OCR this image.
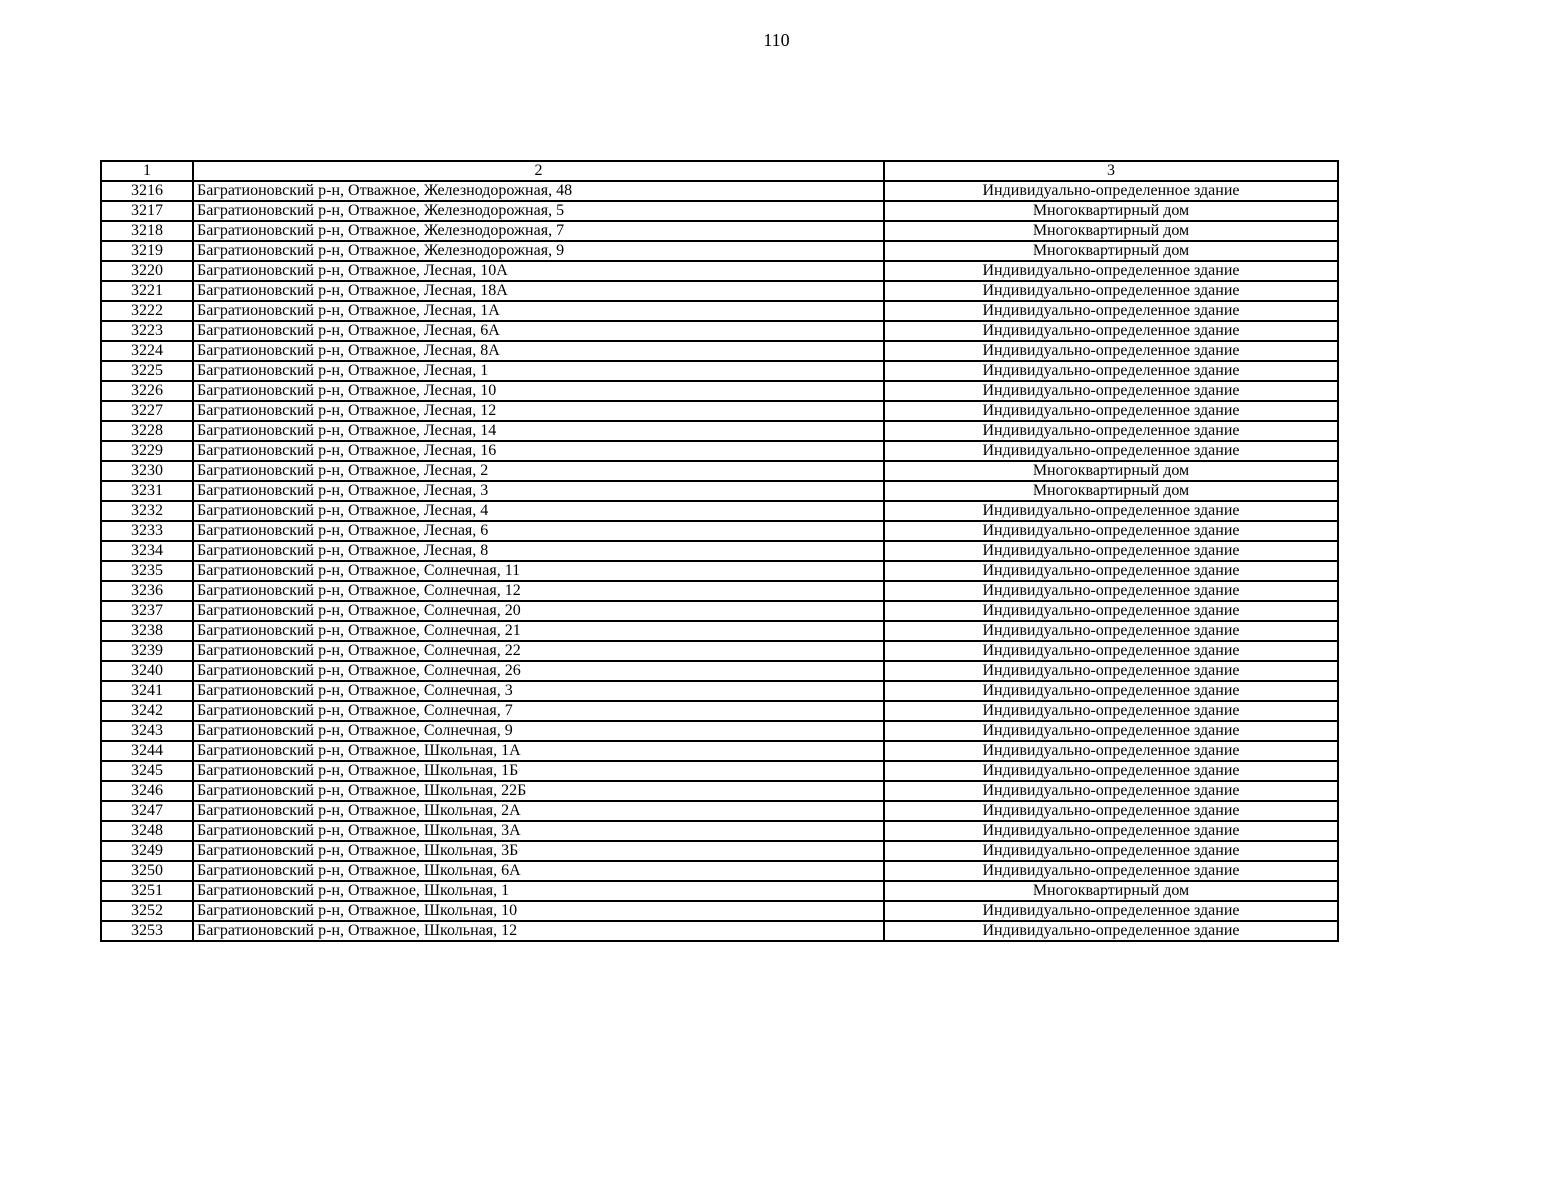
110
1	2	3
3216	Багратионовский р-н, Отважное, Железнодорожная, 48	Индивидуально-определенное здание
3217	Багратионовский р-н, Отважное, Железнодорожная, 5	Многоквартирный дом
3218	Багратионовский р-н, Отважное, Железнодорожная, 7	Многоквартирный дом
3219	Багратионовский р-н, Отважное, Железнодорожная, 9	Многоквартирный дом
3220	Багратионовский р-н, Отважное, Лесная, 10А	Индивидуально-определенное здание
3221	Багратионовский р-н, Отважное, Лесная, 18А	Индивидуально-определенное здание
3222	Багратионовский р-н, Отважное, Лесная, 1А	Индивидуально-определенное здание
3223	Багратионовский р-н, Отважное, Лесная, 6А	Индивидуально-определенное здание
3224	Багратионовский р-н, Отважное, Лесная, 8А	Индивидуально-определенное здание
3225	Багратионовский р-н, Отважное, Лесная, 1	Индивидуально-определенное здание
3226	Багратионовский р-н, Отважное, Лесная, 10	Индивидуально-определенное здание
3227	Багратионовский р-н, Отважное, Лесная, 12	Индивидуально-определенное здание
3228	Багратионовский р-н, Отважное, Лесная, 14	Индивидуально-определенное здание
3229	Багратионовский р-н, Отважное, Лесная, 16	Индивидуально-определенное здание
3230	Багратионовский р-н, Отважное, Лесная, 2	Многоквартирный дом
3231	Багратионовский р-н, Отважное, Лесная, 3	Многоквартирный дом
3232	Багратионовский р-н, Отважное, Лесная, 4	Индивидуально-определенное здание
3233	Багратионовский р-н, Отважное, Лесная, 6	Индивидуально-определенное здание
3234	Багратионовский р-н, Отважное, Лесная, 8	Индивидуально-определенное здание
3235	Багратионовский р-н, Отважное, Солнечная, 11	Индивидуально-определенное здание
3236	Багратионовский р-н, Отважное, Солнечная, 12	Индивидуально-определенное здание
3237	Багратионовский р-н, Отважное, Солнечная, 20	Индивидуально-определенное здание
3238	Багратионовский р-н, Отважное, Солнечная, 21	Индивидуально-определенное здание
3239	Багратионовский р-н, Отважное, Солнечная, 22	Индивидуально-определенное здание
3240	Багратионовский р-н, Отважное, Солнечная, 26	Индивидуально-определенное здание
3241	Багратионовский р-н, Отважное, Солнечная, 3	Индивидуально-определенное здание
3242	Багратионовский р-н, Отважное, Солнечная, 7	Индивидуально-определенное здание
3243	Багратионовский р-н, Отважное, Солнечная, 9	Индивидуально-определенное здание
3244	Багратионовский р-н, Отважное, Школьная, 1А	Индивидуально-определенное здание
3245	Багратионовский р-н, Отважное, Школьная, 1Б	Индивидуально-определенное здание
3246	Багратионовский р-н, Отважное, Школьная, 22Б	Индивидуально-определенное здание
3247	Багратионовский р-н, Отважное, Школьная, 2А	Индивидуально-определенное здание
3248	Багратионовский р-н, Отважное, Школьная, 3А	Индивидуально-определенное здание
3249	Багратионовский р-н, Отважное, Школьная, 3Б	Индивидуально-определенное здание
3250	Багратионовский р-н, Отважное, Школьная, 6А	Индивидуально-определенное здание
3251	Багратионовский р-н, Отважное, Школьная, 1	Многоквартирный дом
3252	Багратионовский р-н, Отважное, Школьная, 10	Индивидуально-определенное здание
3253	Багратионовский р-н, Отважное, Школьная, 12	Индивидуально-определенное здание
